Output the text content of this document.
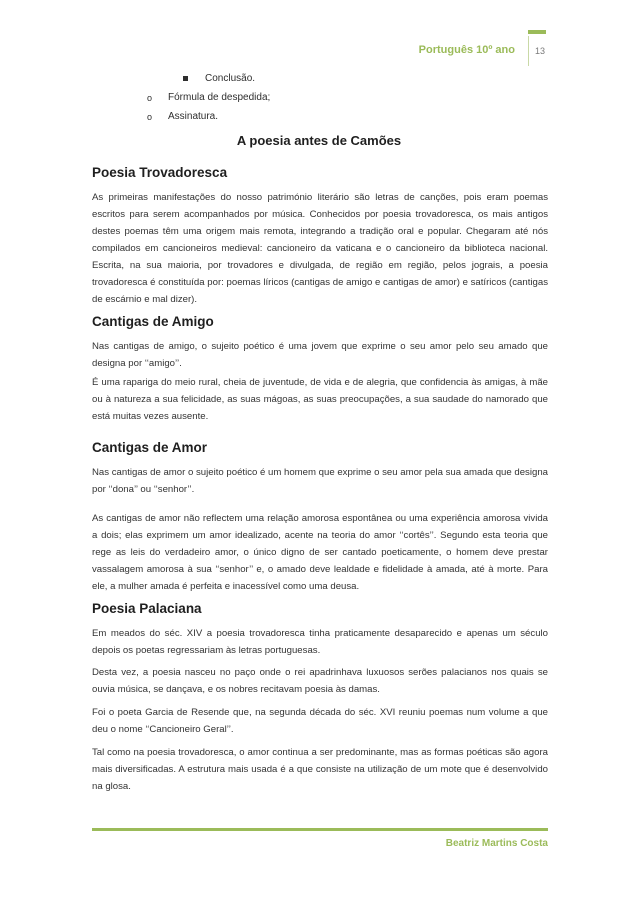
Português 10º ano 13
Conclusão.
o	Fórmula de despedida;
o	Assinatura.
A poesia antes de Camões
Poesia Trovadoresca
As primeiras manifestações do nosso património literário são letras de canções, pois eram poemas escritos para serem acompanhados por música. Conhecidos por poesia trovadoresca, os mais antigos destes poemas têm uma origem mais remota, integrando a tradição oral e popular. Chegaram até nós compilados em cancioneiros medieval: cancioneiro da vaticana e o cancioneiro da biblioteca nacional. Escrita, na sua maioria, por trovadores e divulgada, de região em região, pelos jograis, a poesia trovadoresca é constituída por: poemas líricos (cantigas de amigo e cantigas de amor) e satíricos (cantigas de escárnio e mal dizer).
Cantigas de Amigo
Nas cantigas de amigo, o sujeito poético é uma jovem que exprime o seu amor pelo seu amado que designa por ‘‘amigo’’.
É uma rapariga do meio rural, cheia de juventude, de vida e de alegria, que confidencia às amigas, à mãe ou à natureza a sua felicidade, as suas mágoas, as suas preocupações, a sua saudade do namorado que está muitas vezes ausente.
Cantigas de Amor
Nas cantigas de amor o sujeito poético é um homem que exprime o seu amor pela sua amada que designa por ‘‘dona’’ ou ‘‘senhor’’.
As cantigas de amor não reflectem uma relação amorosa espontânea ou uma experiência amorosa vivida a dois; elas exprimem um amor idealizado, acente na teoria do amor ‘‘cortês’’. Segundo esta teoria que rege as leis do verdadeiro amor, o único digno de ser cantado poeticamente, o homem deve prestar vassalagem amorosa à sua ‘‘senhor’’ e, o amado deve lealdade e fidelidade à amada, até à morte. Para ele, a mulher amada é perfeita e inacessível como uma deusa.
Poesia Palaciana
Em meados do séc. XIV a poesia trovadoresca tinha praticamente desaparecido e apenas um século depois os poetas regressariam às letras portuguesas.
Desta vez, a poesia nasceu no paço onde o rei apadrinhava luxuosos serões palacianos nos quais se ouvia música, se dançava, e os nobres recitavam poesia às damas.
Foi o poeta Garcia de Resende que, na segunda década do séc. XVI reuniu poemas num volume a que deu o nome ‘‘Cancioneiro Geral’’.
Tal como na poesia trovadoresca, o amor continua a ser predominante, mas as formas poéticas são agora mais diversificadas. A estrutura mais usada é a que consiste na utilização de um mote que é desenvolvido na glosa.
Beatriz Martins Costa
